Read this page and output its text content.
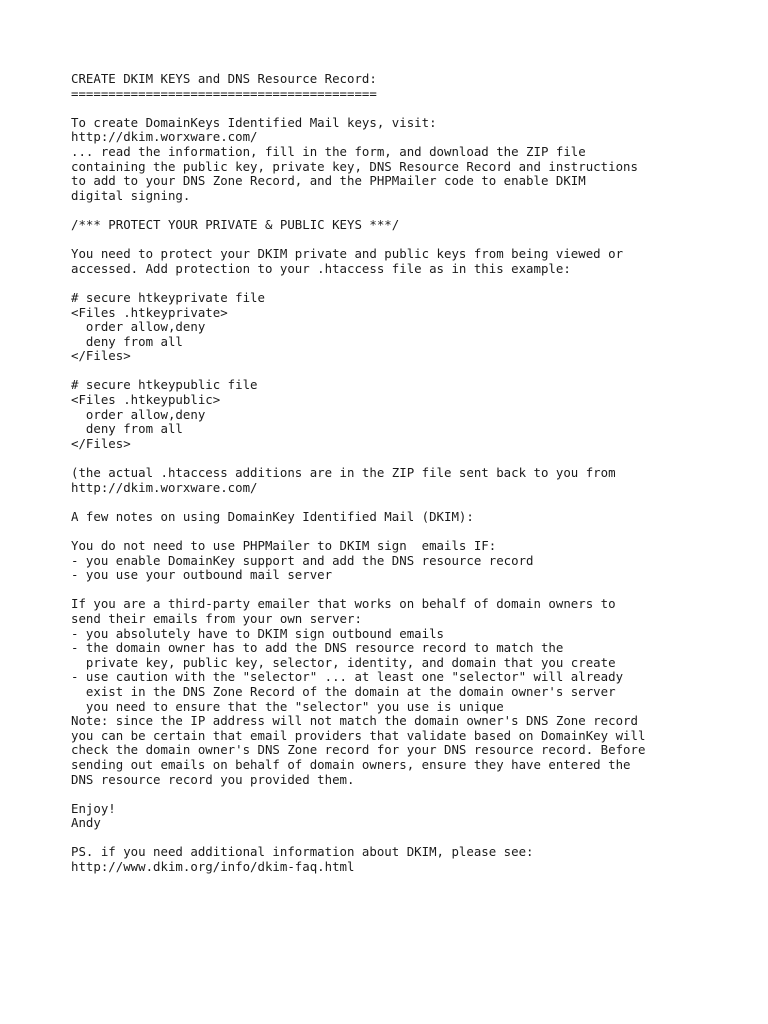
CREATE DKIM KEYS and DNS Resource Record:
=========================================
To create DomainKeys Identified Mail keys, visit:
http://dkim.worxware.com/
... read the information, fill in the form, and download the ZIP file
containing the public key, private key, DNS Resource Record and instructions
to add to your DNS Zone Record, and the PHPMailer code to enable DKIM
digital signing.
/*** PROTECT YOUR PRIVATE & PUBLIC KEYS ***/
You need to protect your DKIM private and public keys from being viewed or
accessed. Add protection to your .htaccess file as in this example:
# secure htkeyprivate file
<Files .htkeyprivate>
order allow,deny
deny from all
</Files>
# secure htkeypublic file
<Files .htkeypublic>
order allow,deny
deny from all
</Files>
(the actual .htaccess additions are in the ZIP file sent back to you from
http://dkim.worxware.com/
A few notes on using DomainKey Identified Mail (DKIM):
You do not need to use PHPMailer to DKIM sign  emails IF:
- you enable DomainKey support and add the DNS resource record
- you use your outbound mail server
If you are a third-party emailer that works on behalf of domain owners to
send their emails from your own server:
- you absolutely have to DKIM sign outbound emails
- the domain owner has to add the DNS resource record to match the
private key, public key, selector, identity, and domain that you create
- use caution with the "selector" ... at least one "selector" will already
exist in the DNS Zone Record of the domain at the domain owner's server
you need to ensure that the "selector" you use is unique
Note: since the IP address will not match the domain owner's DNS Zone record
you can be certain that email providers that validate based on DomainKey will
check the domain owner's DNS Zone record for your DNS resource record. Before
sending out emails on behalf of domain owners, ensure they have entered the
DNS resource record you provided them.
Enjoy!
Andy
PS. if you need additional information about DKIM, please see:
http://www.dkim.org/info/dkim-faq.html
